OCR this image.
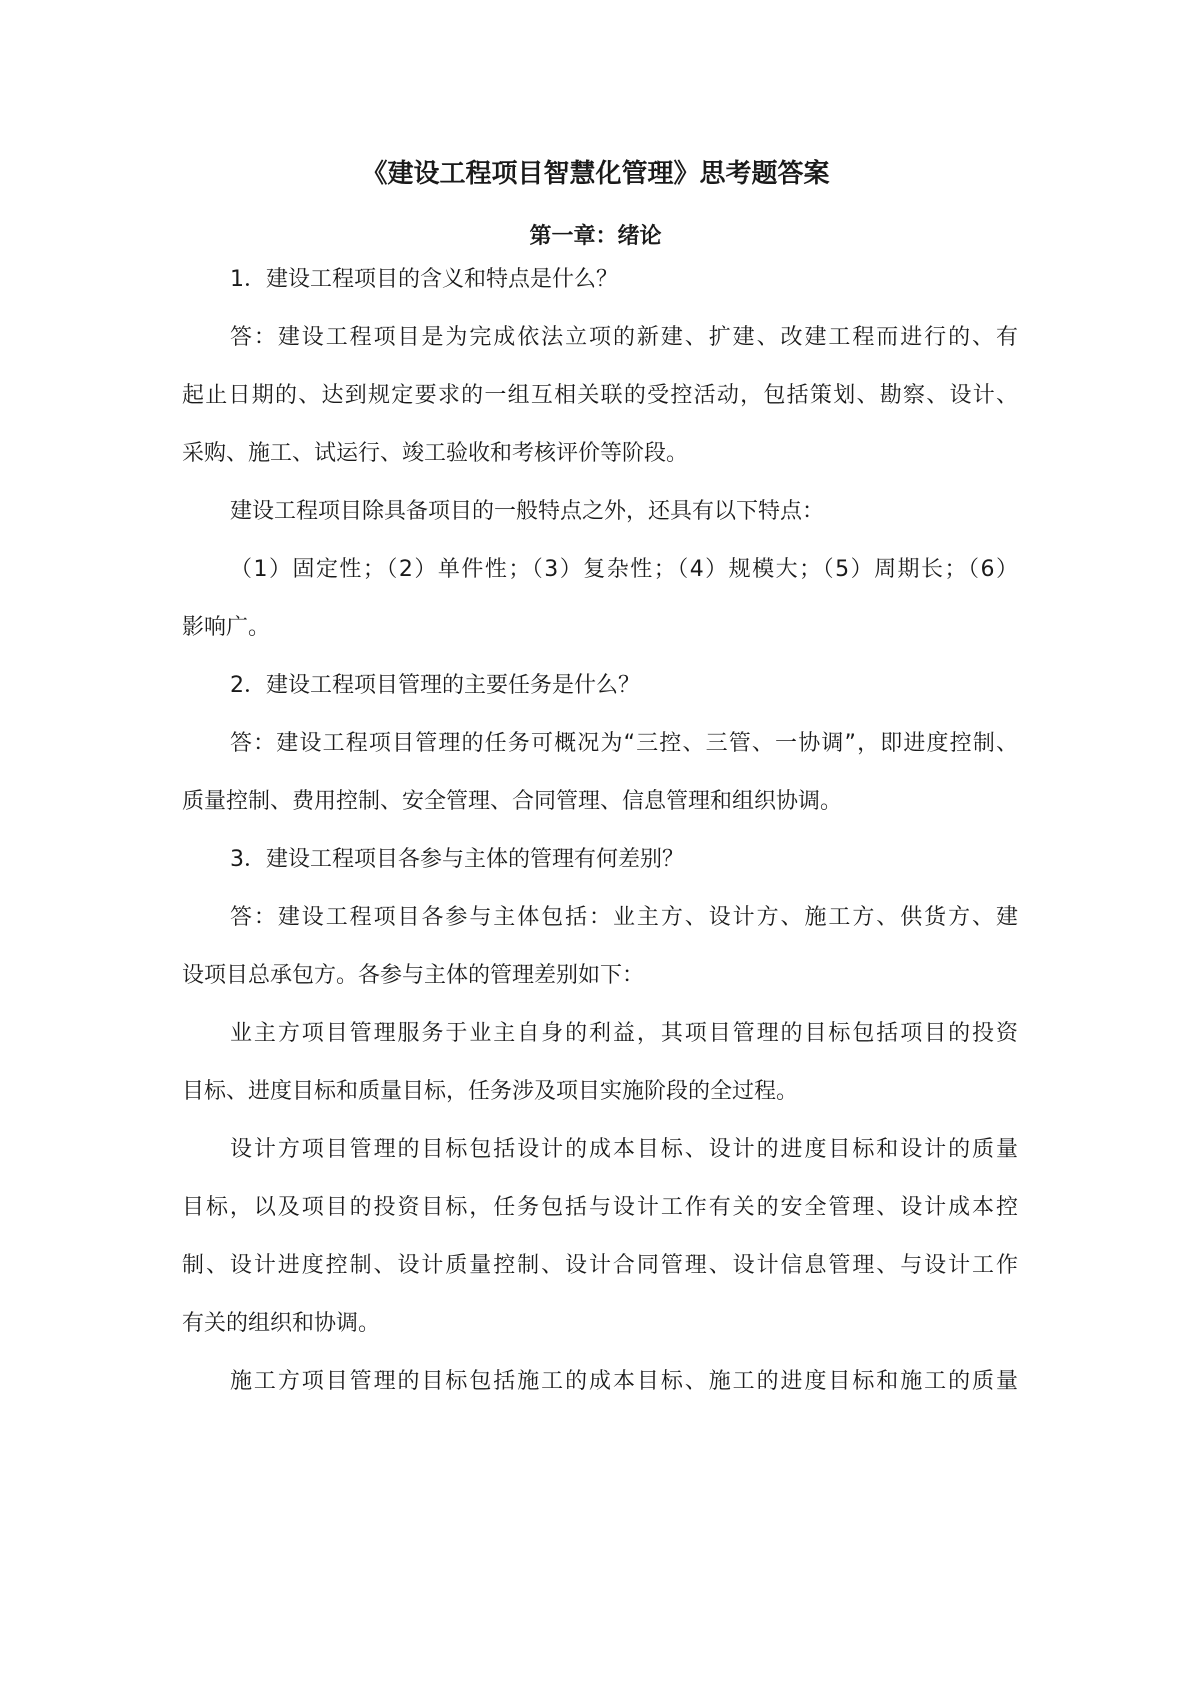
《建设工程项目智慧化管理》思考题答案
第一章：绪论

1．建设工程项目的含义和特点是什么？

答：建设工程项目是为完成依法立项的新建、扩建、改建工程而进行的、有

起止日期的、达到规定要求的一组互相关联的受控活动，包括策划、勘察、设计、

采购、施工、试运行、竣工验收和考核评价等阶段。

建设工程项目除具备项目的一般特点之外，还具有以下特点：

（1）固定性；（2）单件性；（3）复杂性；（4）规模大；（5）周期长；（6）

影响广。

2．建设工程项目管理的主要任务是什么？

答：建设工程项目管理的任务可概况为“三控、三管、一协调”，即进度控制、

质量控制、费用控制、安全管理、合同管理、信息管理和组织协调。

3．建设工程项目各参与主体的管理有何差别？

答：建设工程项目各参与主体包括：业主方、设计方、施工方、供货方、建

设项目总承包方。各参与主体的管理差别如下：

业主方项目管理服务于业主自身的利益，其项目管理的目标包括项目的投资

目标、进度目标和质量目标，任务涉及项目实施阶段的全过程。

设计方项目管理的目标包括设计的成本目标、设计的进度目标和设计的质量

目标，以及项目的投资目标，任务包括与设计工作有关的安全管理、设计成本控

制、设计进度控制、设计质量控制、设计合同管理、设计信息管理、与设计工作

有关的组织和协调。

施工方项目管理的目标包括施工的成本目标、施工的进度目标和施工的质量
